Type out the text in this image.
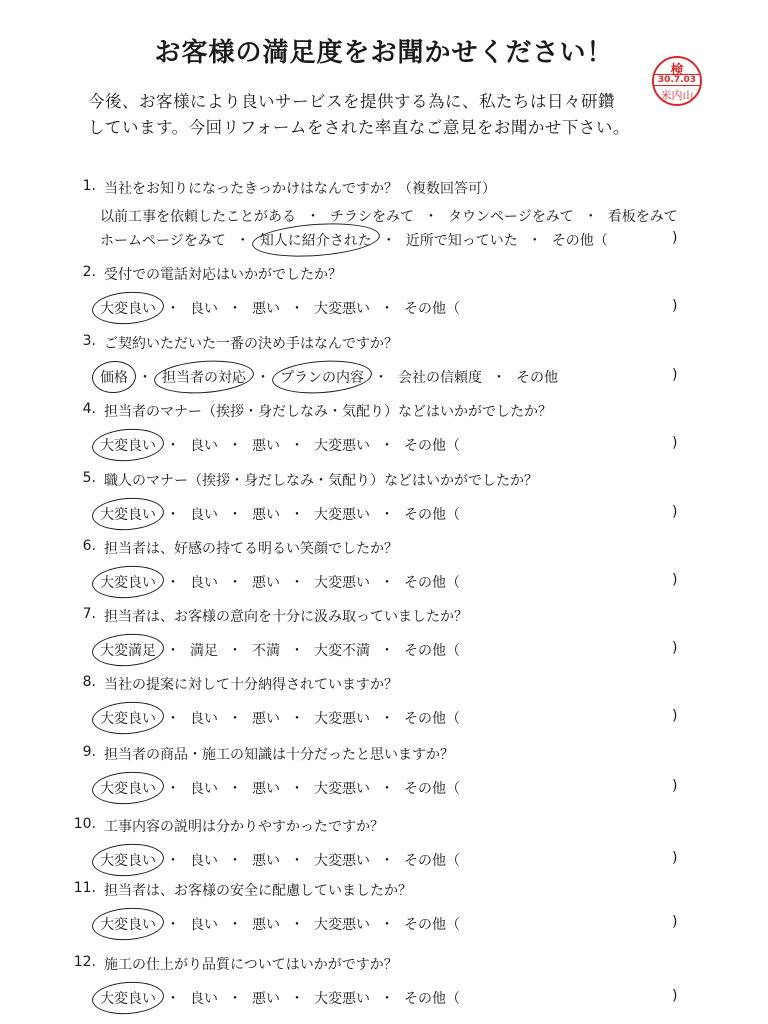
お客様の満足度をお聞かせください！
今後、お客様により良いサービスを提供する為に、私たちは日々研鑽
しています。今回リフォームをされた率直なご意見をお聞かせ下さい。
検
30.7.03
米内山
1. 当社をお知りになったきっかけはなんですか？（複数回答可）
以前工事を依頼したことがある ・ チラシをみて ・ タウンページをみて ・ 看板をみて
ホームページをみて ・ 知人に紹介された ・ 近所で知っていた ・ その他（	)
2. 受付での電話対応はいかがでしたか？
大変良い ・ 良い ・ 悪い ・ 大変悪い ・ その他（	)
3. ご契約いただいた一番の決め手はなんですか？
価格 ・ 担当者の対応 ・ プランの内容 ・ 会社の信頼度 ・ その他	)
4. 担当者のマナー（挨拶・身だしなみ・気配り）などはいかがでしたか？
大変良い ・ 良い ・ 悪い ・ 大変悪い ・ その他（	)
5. 職人のマナー（挨拶・身だしなみ・気配り）などはいかがでしたか？
大変良い ・ 良い ・ 悪い ・ 大変悪い ・ その他（	)
6. 担当者は、好感の持てる明るい笑顔でしたか？
大変良い ・ 良い ・ 悪い ・ 大変悪い ・ その他（	)
7. 担当者は、お客様の意向を十分に汲み取っていましたか？
大変満足 ・ 満足 ・ 不満 ・ 大変不満 ・ その他（	)
8. 当社の提案に対して十分納得されていますか？
大変良い ・ 良い ・ 悪い ・ 大変悪い ・ その他（	)
9. 担当者の商品・施工の知識は十分だったと思いますか？
大変良い ・ 良い ・ 悪い ・ 大変悪い ・ その他（	)
10. 工事内容の説明は分かりやすかったですか？
大変良い ・ 良い ・ 悪い ・ 大変悪い ・ その他（	)
11. 担当者は、お客様の安全に配慮していましたか？
大変良い ・ 良い ・ 悪い ・ 大変悪い ・ その他（	)
12. 施工の仕上がり品質についてはいかがですか？
大変良い ・ 良い ・ 悪い ・ 大変悪い ・ その他（	)
